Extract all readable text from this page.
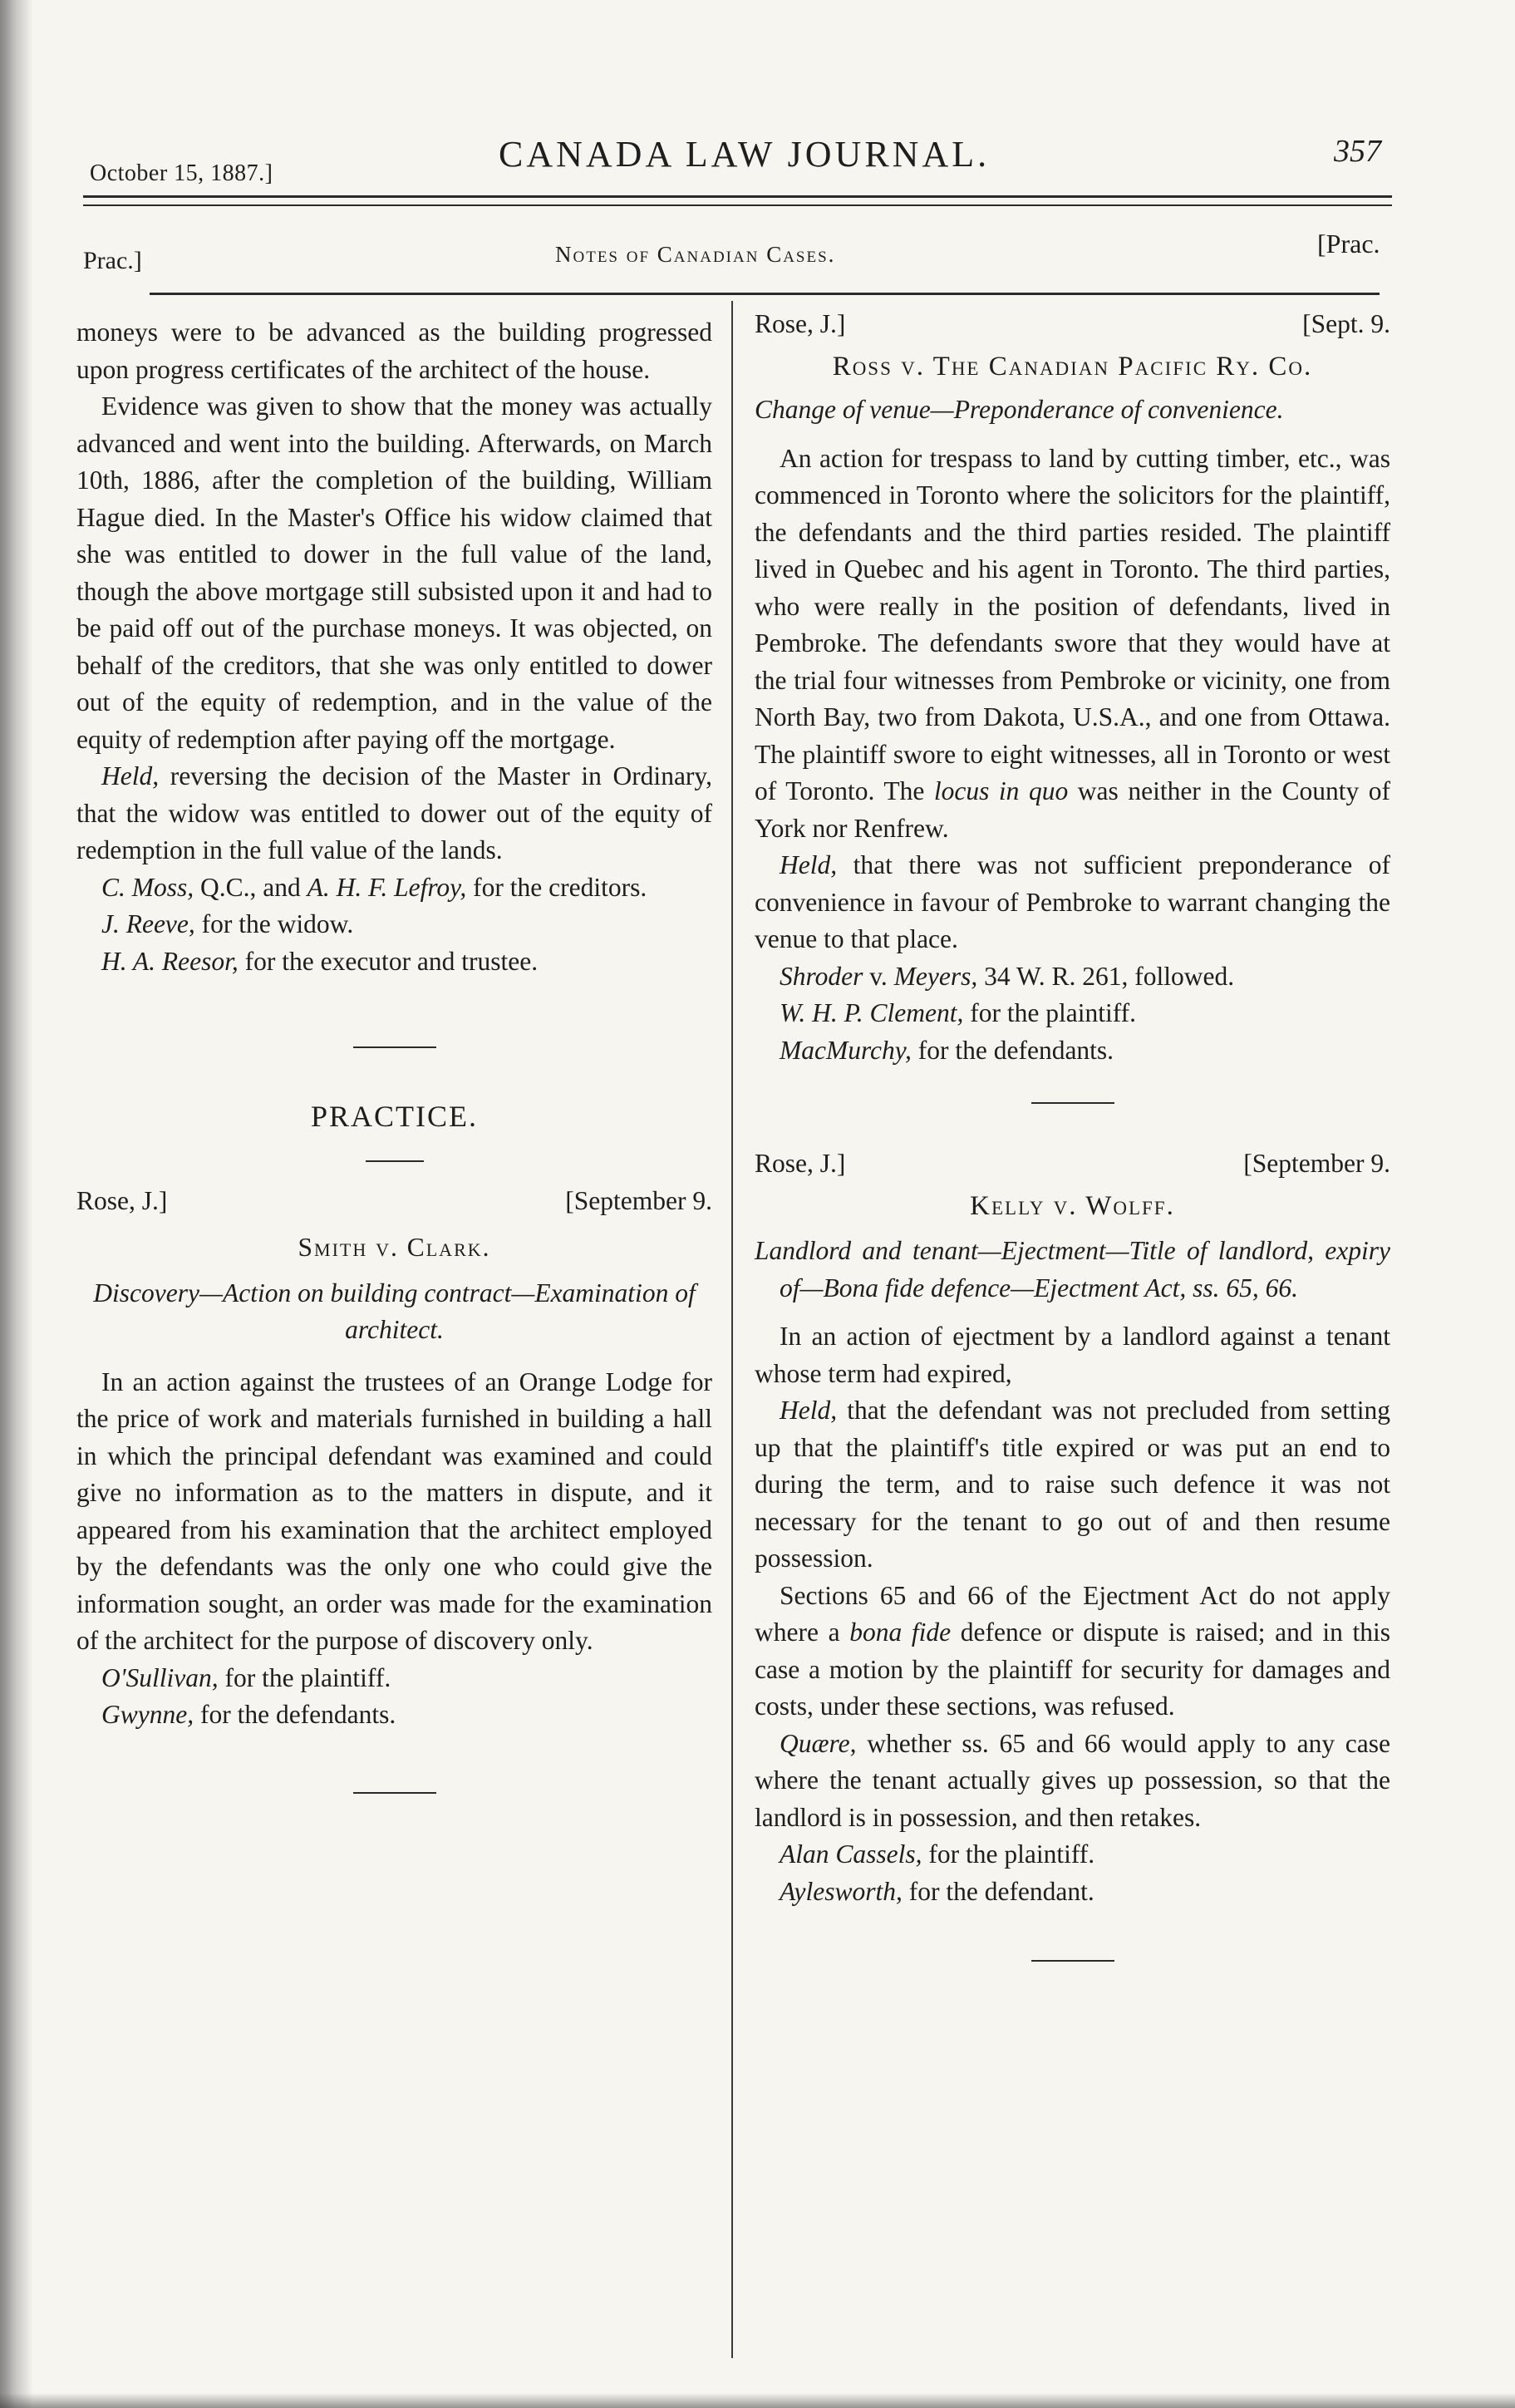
October 15, 1887.]	CANADA LAW JOURNAL.	357
Prac.]	Notes of Canadian Cases.	[Prac.

moneys were to be advanced as the building progressed upon progress certificates of the architect of the house.

Evidence was given to show that the money was actually advanced and went into the building. Afterwards, on March 10th, 1886, after the completion of the building, William Hague died. In the Master's Office his widow claimed that she was entitled to dower in the full value of the land, though the above mortgage still subsisted upon it and had to be paid off out of the purchase moneys. It was objected, on behalf of the creditors, that she was only entitled to dower out of the equity of redemption, and in the value of the equity of redemption after paying off the mortgage.

Held, reversing the decision of the Master in Ordinary, that the widow was entitled to dower out of the equity of redemption in the full value of the lands.

C. Moss, Q.C., and A. H. F. Lefroy, for the creditors.

J. Reeve, for the widow.

H. A. Reesor, for the executor and trustee.

PRACTICE.

Rose, J.]	[September 9.

Smith v. Clark.

Discovery—Action on building contract—Examination of architect.

In an action against the trustees of an Orange Lodge for the price of work and materials furnished in building a hall in which the principal defendant was examined and could give no information as to the matters in dispute, and it appeared from his examination that the architect employed by the defendants was the only one who could give the information sought, an order was made for the examination of the architect for the purpose of discovery only.

O'Sullivan, for the plaintiff.

Gwynne, for the defendants.

Rose, J.]	[Sept. 9.

Ross v. The Canadian Pacific Ry. Co.

Change of venue—Preponderance of convenience.

An action for trespass to land by cutting timber, etc., was commenced in Toronto where the solicitors for the plaintiff, the defendants and the third parties resided. The plaintiff lived in Quebec and his agent in Toronto. The third parties, who were really in the position of defendants, lived in Pembroke. The defendants swore that they would have at the trial four witnesses from Pembroke or vicinity, one from North Bay, two from Dakota, U.S.A., and one from Ottawa. The plaintiff swore to eight witnesses, all in Toronto or west of Toronto. The locus in quo was neither in the County of York nor Renfrew.

Held, that there was not sufficient preponderance of convenience in favour of Pembroke to warrant changing the venue to that place.

Shroder v. Meyers, 34 W. R. 261, followed.

W. H. P. Clement, for the plaintiff.

MacMurchy, for the defendants.

Rose, J.]	[September 9.

Kelly v. Wolff.

Landlord and tenant—Ejectment—Title of landlord, expiry of—Bona fide defence—Ejectment Act, ss. 65, 66.

In an action of ejectment by a landlord against a tenant whose term had expired,

Held, that the defendant was not precluded from setting up that the plaintiff's title expired or was put an end to during the term, and to raise such defence it was not necessary for the tenant to go out of and then resume possession.

Sections 65 and 66 of the Ejectment Act do not apply where a bona fide defence or dispute is raised; and in this case a motion by the plaintiff for security for damages and costs, under these sections, was refused.

Quære, whether ss. 65 and 66 would apply to any case where the tenant actually gives up possession, so that the landlord is in possession, and then retakes.

Alan Cassels, for the plaintiff.

Aylesworth, for the defendant.
